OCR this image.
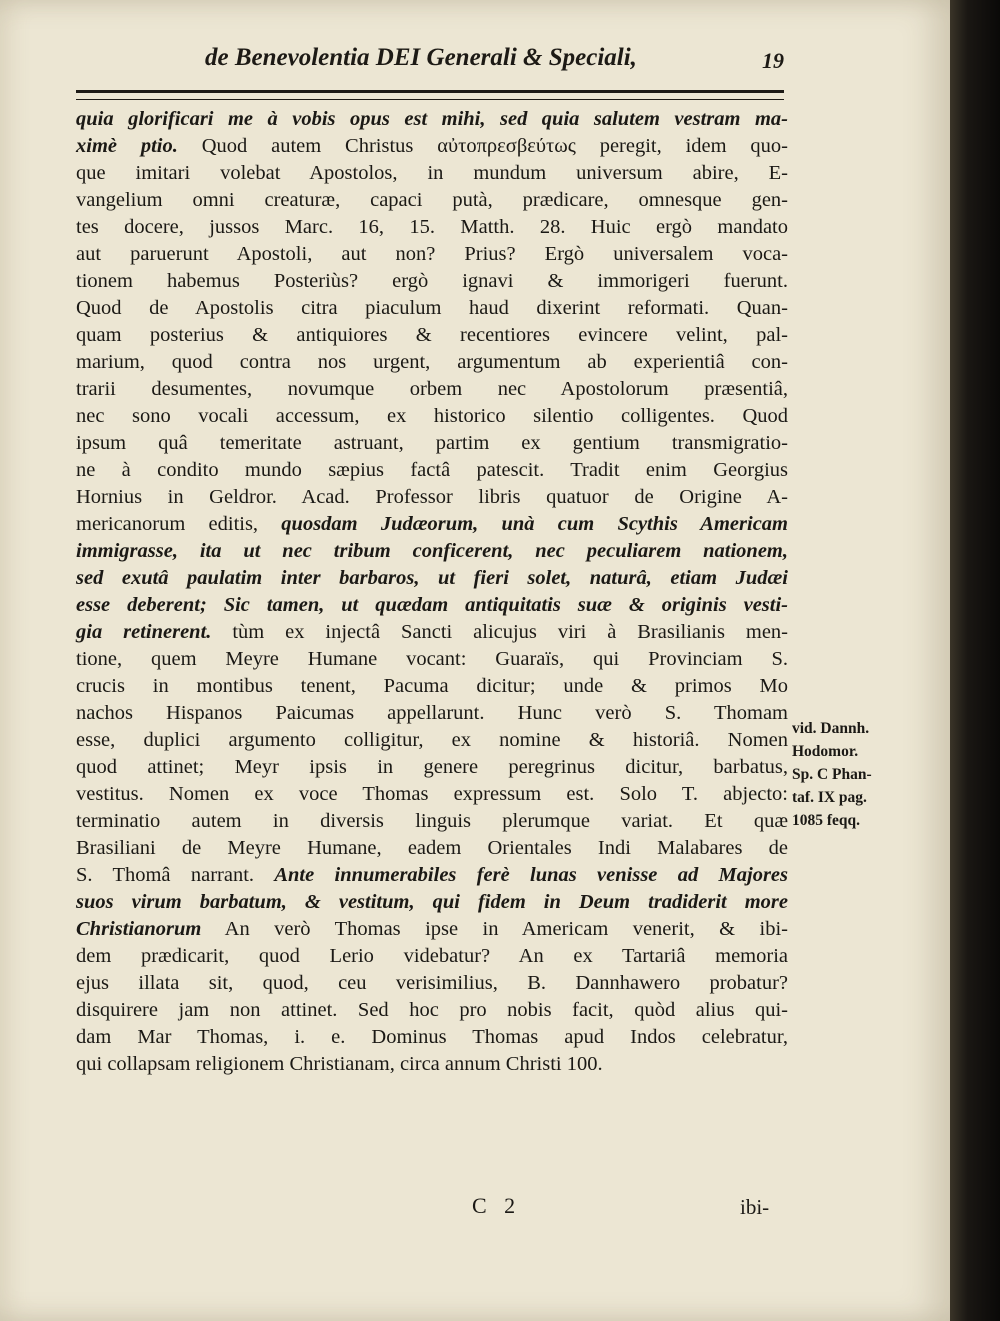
de Benevolentia DEI Generali & Speciali,	19
quia glorificari me à vobis opus est mihi, sed quia salutem vestram ma-
ximè ptio. Quod autem Christus αὐτοπρεσβεύτως peregit, idem quo-
que imitari volebat Apostolos, in mundum universum abire, E-
vangelium omni creaturæ, capaci putà, prædicare, omnesque gen-
tes docere, jussos Marc. 16, 15. Matth. 28. Huic ergò mandato
aut paruerunt Apostoli, aut non? Prius? Ergò universalem voca-
tionem habemus Posteriùs? ergò ignavi & immorigeri fuerunt.
Quod de Apostolis citra piaculum haud dixerint reformati. Quan-
quam posterius & antiquiores & recentiores evincere velint, pal-
marium, quod contra nos urgent, argumentum ab experientiâ con-
trarii desumentes, novumque orbem nec Apostolorum præsentiâ,
nec sono vocali accessum, ex historico silentio colligentes. Quod
ipsum quâ temeritate astruant, partim ex gentium transmigratio-
ne à condito mundo sæpius factâ patescit. Tradit enim Georgius
Hornius in Geldror. Acad. Professor libris quatuor de Origine A-
mericanorum editis, quosdam Judæorum, unà cum Scythis Americam
immigrasse, ita ut nec tribum conficerent, nec peculiarem nationem,
sed exutâ paulatim inter barbaros, ut fieri solet, naturâ, etiam Judæi
esse deberent; Sic tamen, ut quædam antiquitatis suæ & originis vesti-
gia retinerent. tùm ex injectâ Sancti alicujus viri à Brasilianis men-
tione, quem Meyre Humane vocant: Guaraïs, qui Provinciam S.
crucis in montibus tenent, Pacuma dicitur; unde & primos Mo
nachos Hispanos Paicumas appellarunt. Hunc verò S. Thomam
esse, duplici argumento colligitur, ex nomine & historiâ. Nomen
quod attinet; Meyr ipsis in genere peregrinus dicitur, barbatus,
vestitus. Nomen ex voce Thomas expressum est. Solo T. abjecto:
terminatio autem in diversis linguis plerumque variat. Et quæ
Brasiliani de Meyre Humane, eadem Orientales Indi Malabares de
S. Thomâ narrant. Ante innumerabiles ferè lunas venisse ad Majores
suos virum barbatum, & vestitum, qui fidem in Deum tradiderit more
Christianorum An verò Thomas ipse in Americam venerit, & ibi-
dem prædicarit, quod Lerio videbatur? An ex Tartariâ memoria
ejus illata sit, quod, ceu verisimilius, B. Dannhawero probatur?
disquirere jam non attinet. Sed hoc pro nobis facit, quòd alius qui-
dam Mar Thomas, i. e. Dominus Thomas apud Indos celebratur,
qui collapsam religionem Christianam, circa annum Christi 100.
vid. Dannh.
Hodomor.
Sp. C Phan-
taf. IX pag.
1085 feqq.
C 2	ibi-
